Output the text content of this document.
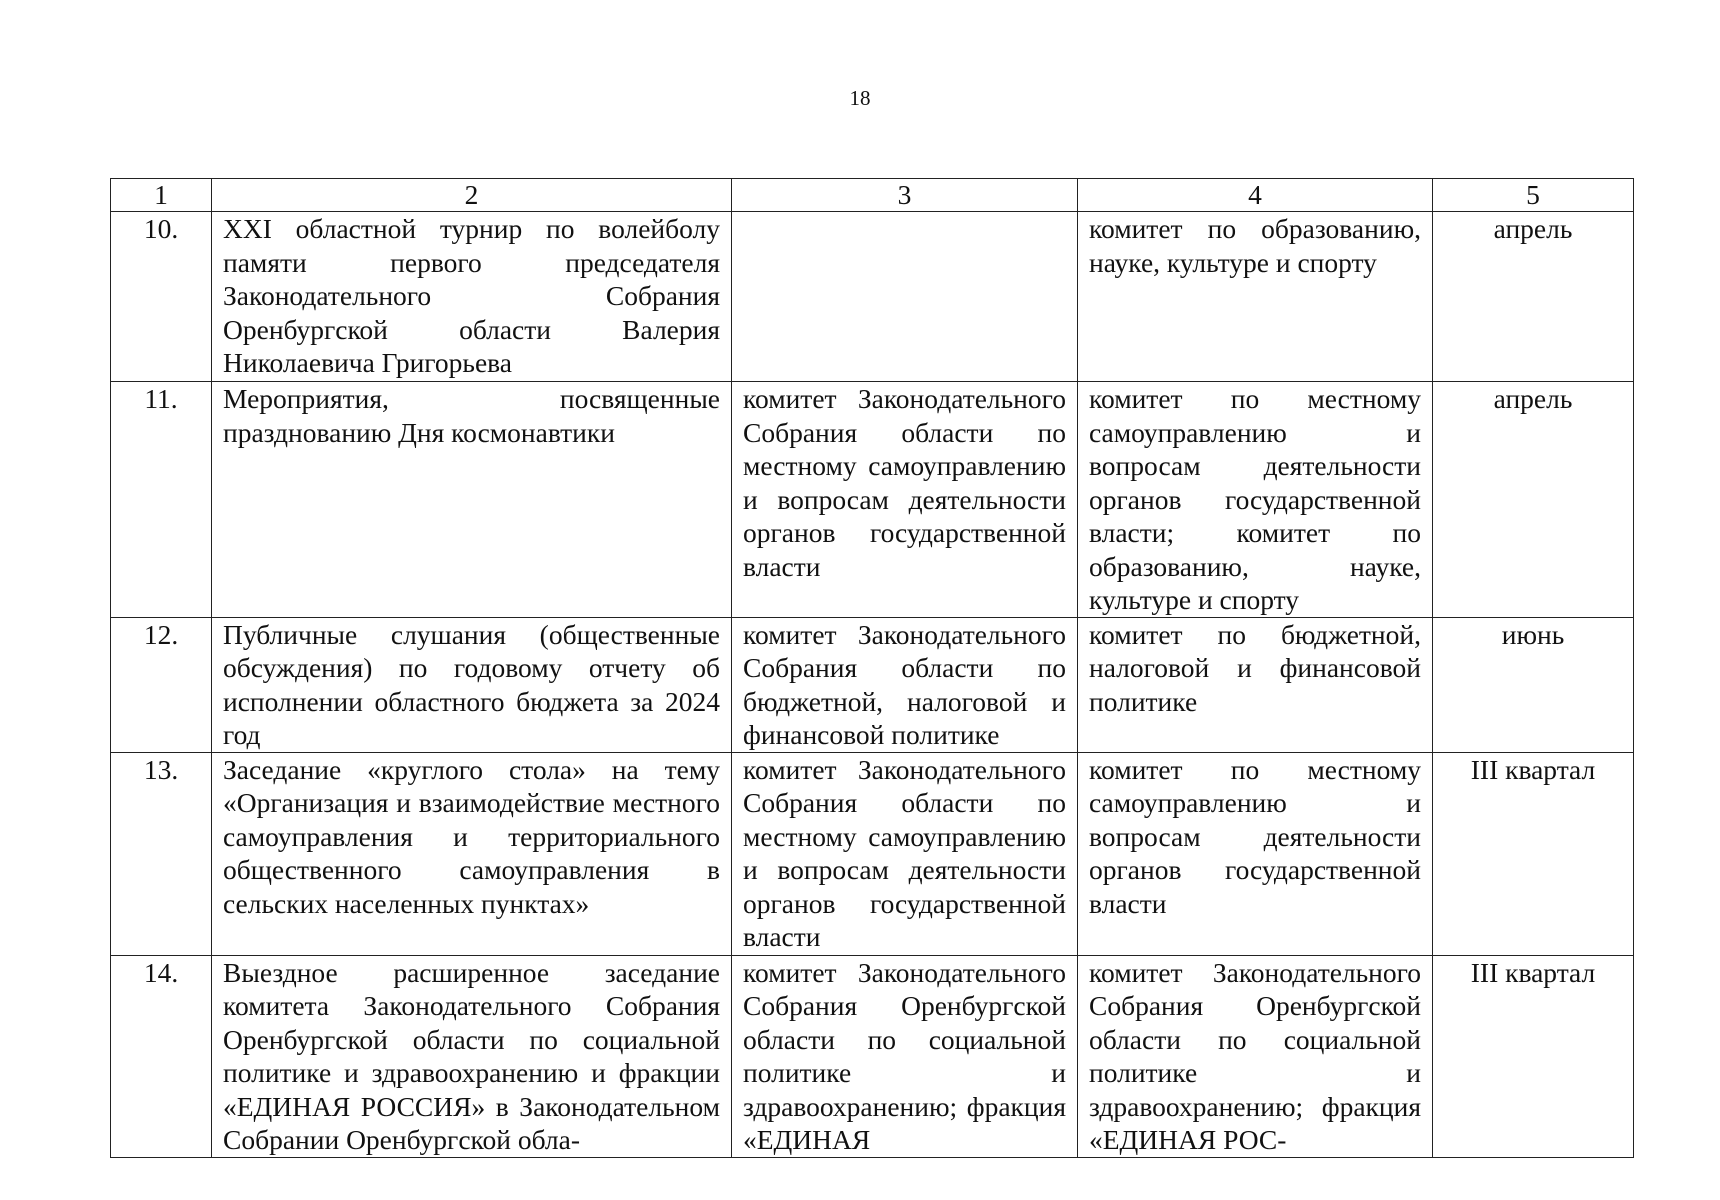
18
1	2	3	4	5
10.	XXI областной турнир по волейболу памяти первого председателя Законодательного Собрания Оренбургской области Валерия Николаевича Григорьева		комитет по образованию, науке, культуре и спорту	апрель
11.	Мероприятия, посвященные празднованию Дня космонавтики	комитет Законодательного Собрания области по местному самоуправлению и вопросам деятельности органов государственной власти	комитет по местному самоуправлению и вопросам деятельности органов государственной власти; комитет по образованию, науке, культуре и спорту	апрель
12.	Публичные слушания (общественные обсуждения) по годовому отчету об исполнении областного бюджета за 2024 год	комитет Законодательного Собрания области по бюджетной, налоговой и финансовой политике	комитет по бюджетной, налоговой и финансовой политике	июнь
13.	Заседание «круглого стола» на тему «Организация и взаимодействие местного самоуправления и территориального общественного самоуправления в сельских населенных пунктах»	комитет Законодательного Собрания области по местному самоуправлению и вопросам деятельности органов государственной власти	комитет по местному самоуправлению и вопросам деятельности органов государственной власти	III квартал
14.	Выездное расширенное заседание комитета Законодательного Собрания Оренбургской области по социальной политике и здравоохранению и фракции «ЕДИНАЯ РОССИЯ» в Законодательном Собрании Оренбургской обла-	комитет Законодательного Собрания Оренбургской области по социальной политике и здравоохранению; фракция «ЕДИНАЯ	комитет Законодательного Собрания Оренбургской области по социальной политике и здравоохранению; фракция «ЕДИНАЯ РОС-	III квартал
